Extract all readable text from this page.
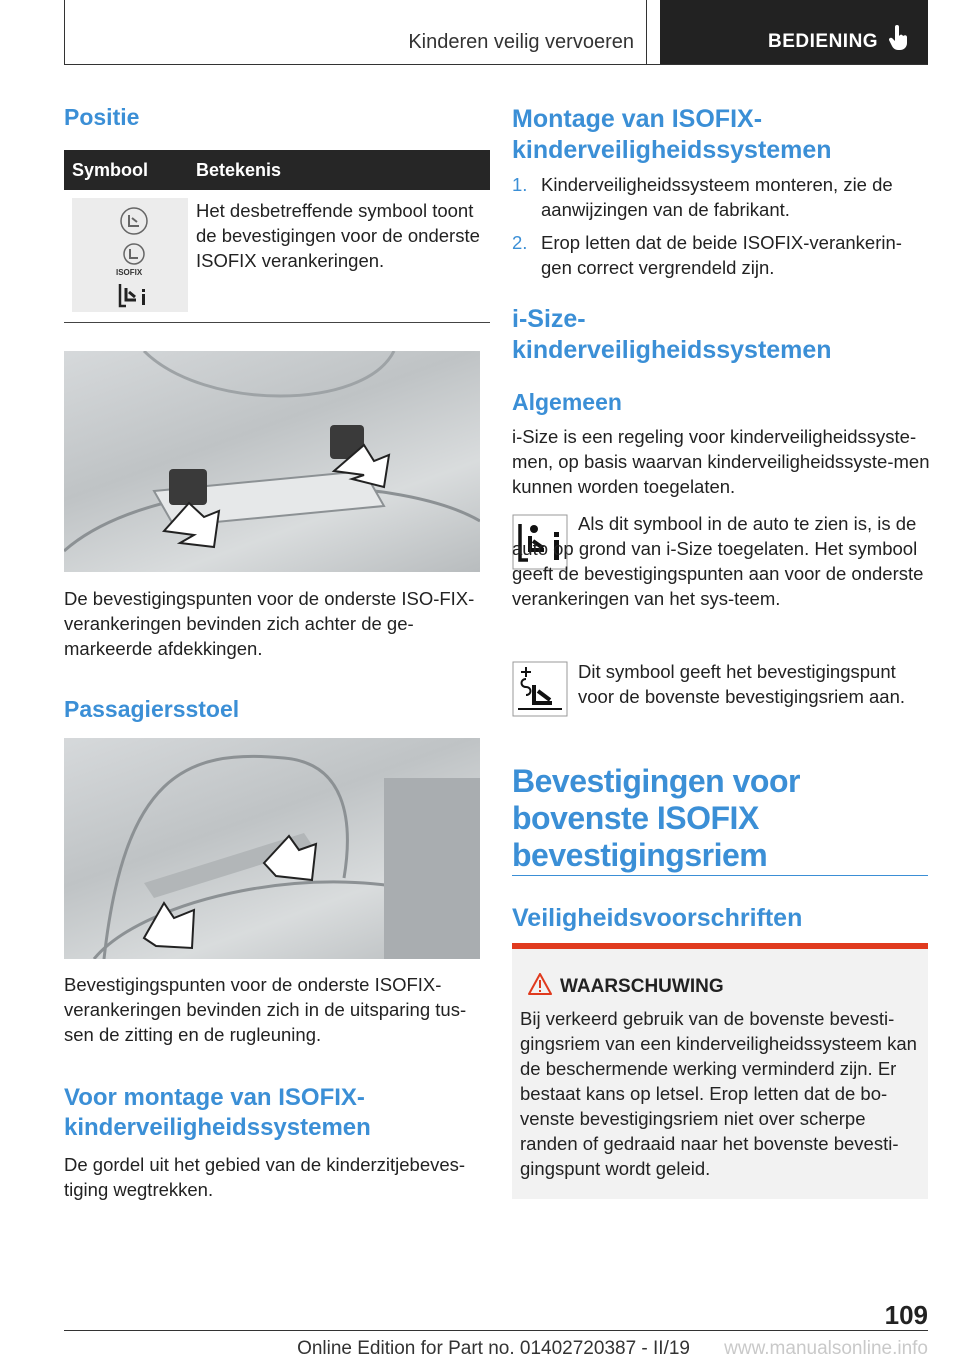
Kinderen veilig vervoeren	BEDIENING
Positie
Symbool	Betekenis

ISOFIX	Het desbetreffende symbool toont de bevestigingen voor de onderste ISOFIX verankeringen.

De bevestigingspunten voor de onderste ISO-FIX-verankeringen bevinden zich achter de ge-markeerde afdekkingen.

Passagiersstoel

Bevestigingspunten voor de onderste ISOFIX-verankeringen bevinden zich in de uitsparing tus-sen de zitting en de rugleuning.

Voor montage van ISOFIX-kinderveiligheidssystemen

De gordel uit het gebied van de kinderzitjebeves-tiging wegtrekken.

Montage van ISOFIX-kinderveiligheidssystemen
1. Kinderveiligheidssysteem monteren, zie de aanwijzingen van de fabrikant.
2. Erop letten dat de beide ISOFIX-verankerin-gen correct vergrendeld zijn.
i-Size-kinderveiligheidssystemen
Algemeen

i-Size is een regeling voor kinderveiligheidssyste-men, op basis waarvan kinderveiligheidssyste-men kunnen worden toegelaten.

Als dit symbool in de auto te zien is, is de auto op grond van i-Size toegelaten. Het symbool geeft de bevestigingspunten aan voor de onderste verankeringen van het sys-teem.

Dit symbool geeft het bevestigingspunt voor de bovenste bevestigingsriem aan.

Bevestigingen voor bovenste ISOFIX bevestigingsriem
Veiligheidsvoorschriften
WAARSCHUWING

Bij verkeerd gebruik van de bovenste bevesti-gingsriem van een kinderveiligheidssysteem kan de beschermende werking verminderd zijn. Er bestaat kans op letsel. Erop letten dat de bo-venste bevestigingsriem niet over scherpe randen of gedraaid naar het bovenste bevesti-gingspunt wordt geleid.

109
Online Edition for Part no. 01402720387 - II/19 www.manualsonline.info
